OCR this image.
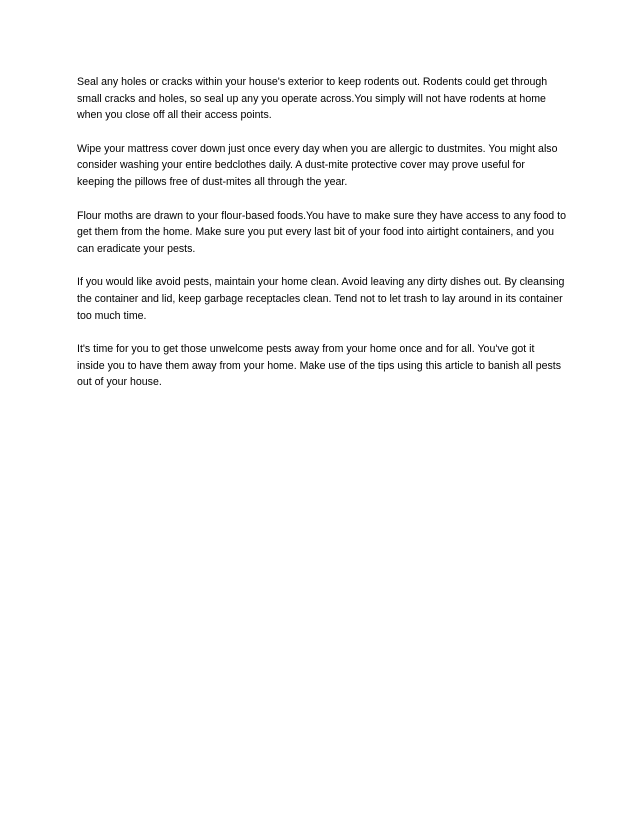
Seal any holes or cracks within your house's exterior to keep rodents out. Rodents could get through
small cracks and holes, so seal up any you operate across.You simply will not have rodents at home
when you close off all their access points.

Wipe your mattress cover down just once every day when you are allergic to dustmites. You might also
consider washing your entire bedclothes daily. A dust-mite protective cover may prove useful for
keeping the pillows free of dust-mites all through the year.

Flour moths are drawn to your flour-based foods.You have to make sure they have access to any food to
get them from the home. Make sure you put every last bit of your food into airtight containers, and you
can eradicate your pests.

If you would like avoid pests, maintain your home clean. Avoid leaving any dirty dishes out. By cleansing
the container and lid, keep garbage receptacles clean. Tend not to let trash to lay around in its container
too much time.

It's time for you to get those unwelcome pests away from your home once and for all. You've got it
inside you to have them away from your home. Make use of the tips using this article to banish all pests
out of your house.
